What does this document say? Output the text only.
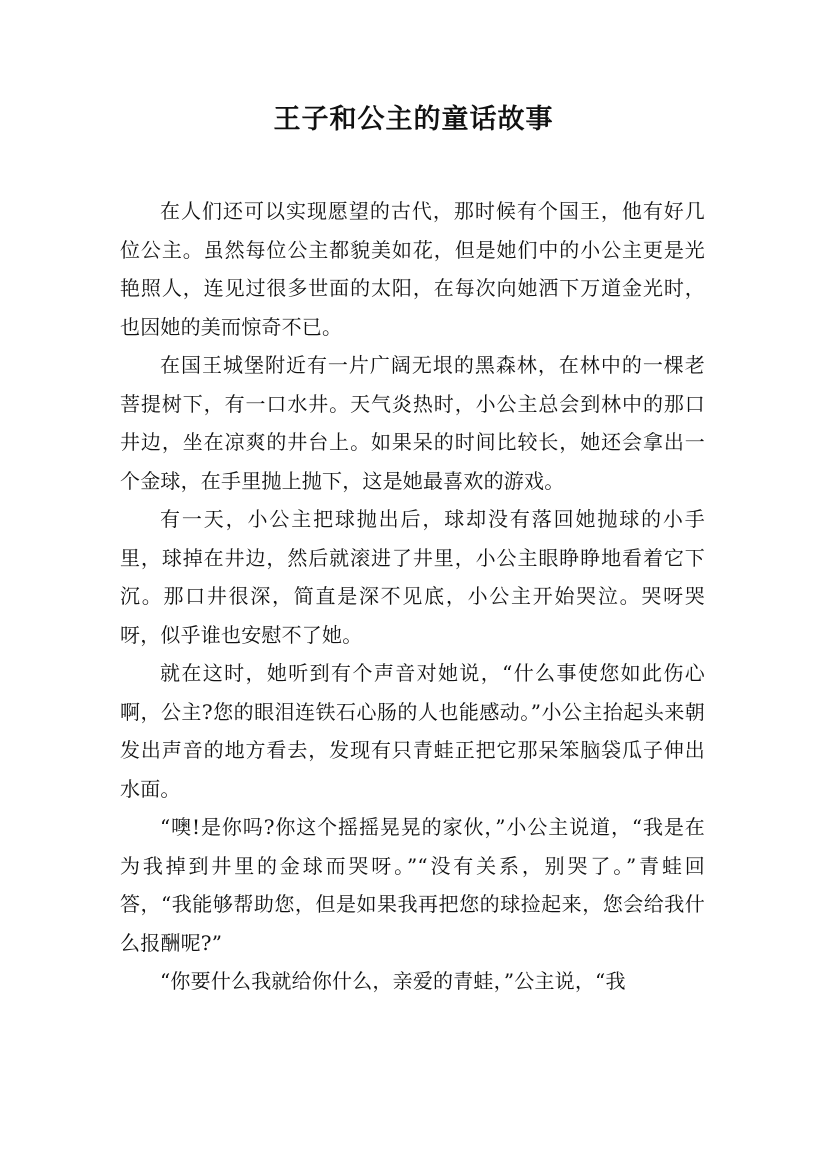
王子和公主的童话故事

在人们还可以实现愿望的古代，那时候有个国王，他有好几位公主。虽然每位公主都貌美如花，但是她们中的小公主更是光艳照人，连见过很多世面的太阳，在每次向她洒下万道金光时，也因她的美而惊奇不已。

在国王城堡附近有一片广阔无垠的黑森林，在林中的一棵老菩提树下，有一口水井。天气炎热时，小公主总会到林中的那口井边，坐在凉爽的井台上。如果呆的时间比较长，她还会拿出一个金球，在手里抛上抛下，这是她最喜欢的游戏。

有一天，小公主把球抛出后，球却没有落回她抛球的小手里，球掉在井边，然后就滚进了井里，小公主眼睁睁地看着它下沉。那口井很深，简直是深不见底，小公主开始哭泣。哭呀哭呀，似乎谁也安慰不了她。

就在这时，她听到有个声音对她说，“什么事使您如此伤心啊，公主?您的眼泪连铁石心肠的人也能感动。”小公主抬起头来朝发出声音的地方看去，发现有只青蛙正把它那呆笨脑袋瓜子伸出水面。

“噢!是你吗?你这个摇摇晃晃的家伙，”小公主说道，“我是在为我掉到井里的金球而哭呀。”“没有关系，别哭了。”青蛙回答，“我能够帮助您，但是如果我再把您的球捡起来，您会给我什么报酬呢?”

“你要什么我就给你什么，亲爱的青蛙，”公主说，“我
